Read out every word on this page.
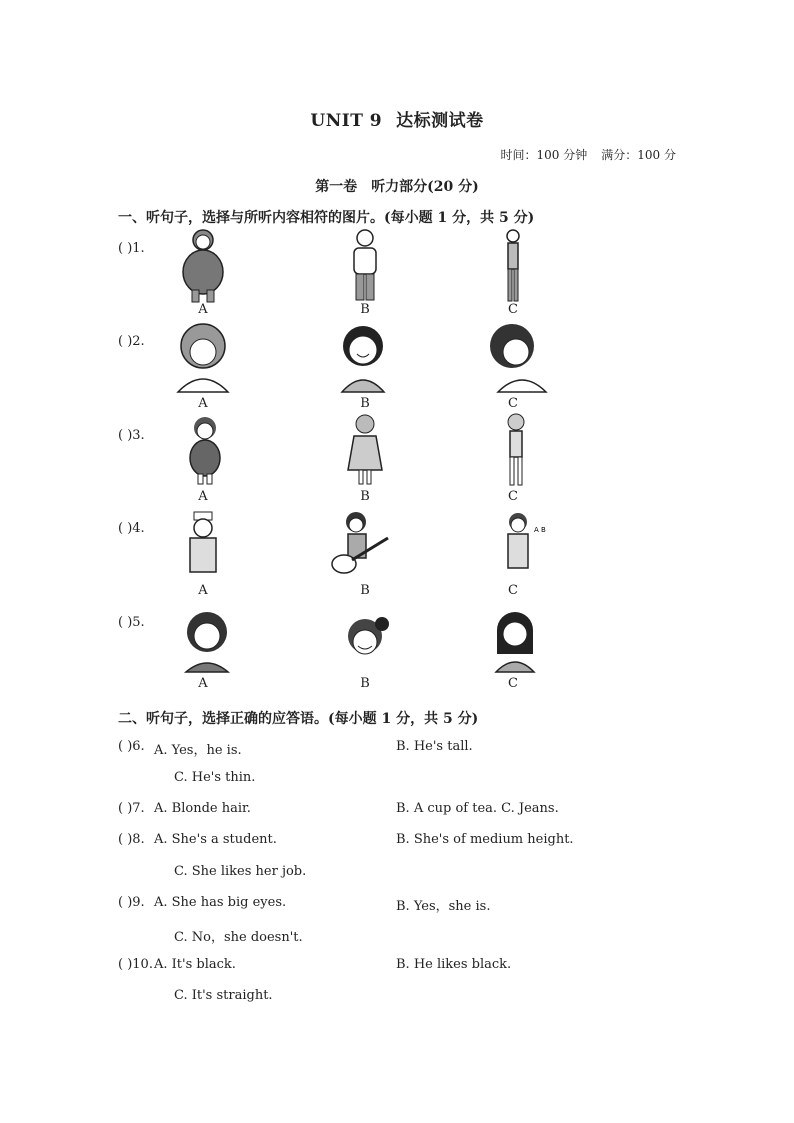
UNIT 9 达标测试卷
时间：100 分钟 满分：100 分
第一卷 听力部分(20 分)
一、听句子，选择与所听内容相符的图片。(每小题 1 分，共 5 分)
( )1.
A	B	C
( )2.
A	B	C
( )3.
A	B	C
( )4.	A B
A	B	C
( )5.
A	B	C
二、听句子，选择正确的应答语。(每小题 1 分，共 5 分)
( )6. A. Yes，he is.	B. He's tall.
C. He's thin.
( )7. A. Blonde hair.	B. A cup of tea. C. Jeans.
( )8. A. She's a student.	B. She's of medium height.
C. She likes her job.
( )9. A. She has big eyes.	B. Yes，she is.
C. No，she doesn't.
( )10. A. It's black.	B. He likes black.
C. It's straight.
